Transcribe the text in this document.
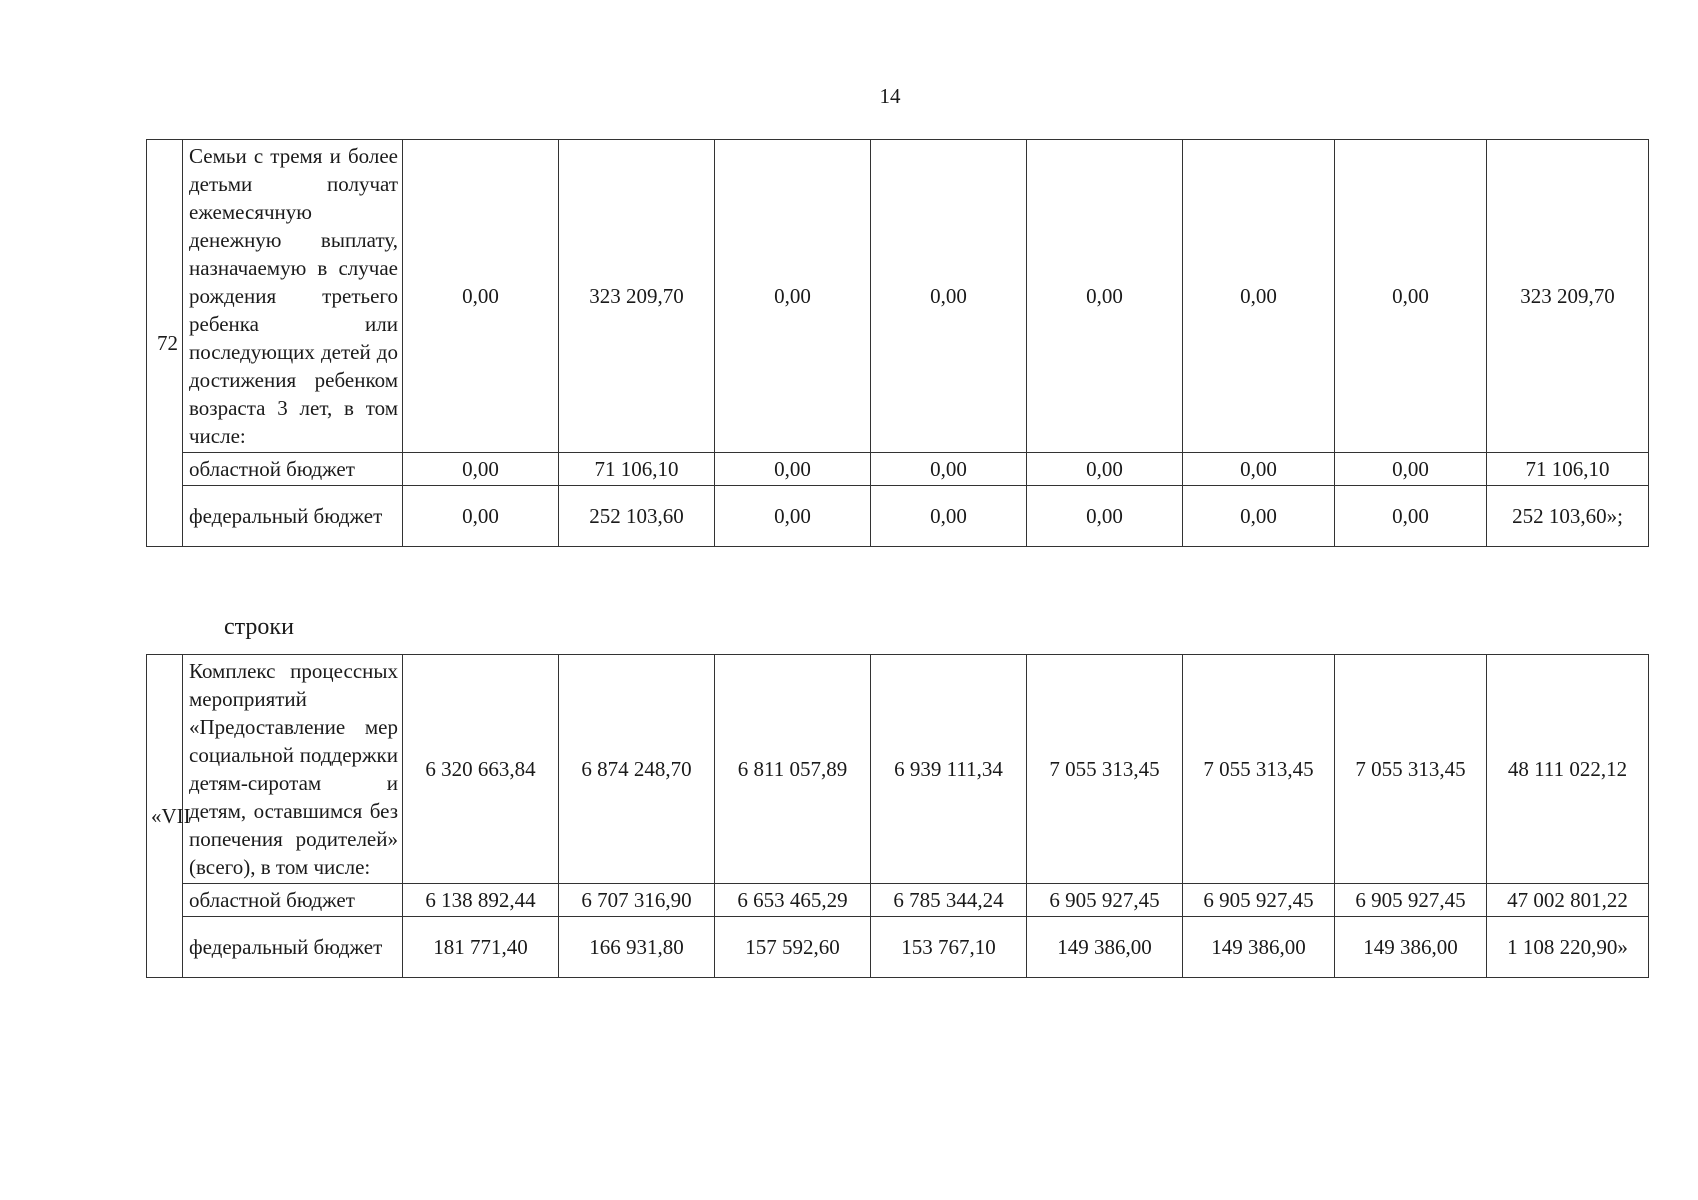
14
72	Семьи с тремя и более детьми получат ежемесячную денежную выплату, назначаемую в случае рождения третьего ребенка или последующих детей до достижения ребенком возраста 3 лет, в том числе:	0,00	323 209,70	0,00	0,00	0,00	0,00	0,00	323 209,70
	областной бюджет	0,00	71 106,10	0,00	0,00	0,00	0,00	0,00	71 106,10
	федеральный бюджет	0,00	252 103,60	0,00	0,00	0,00	0,00	0,00	252 103,60»;
строки
«VII	Комплекс процессных мероприятий «Предоставление мер социальной поддержки детям-сиротам и детям, оставшимся без попечения родителей» (всего), в том числе:	6 320 663,84	6 874 248,70	6 811 057,89	6 939 111,34	7 055 313,45	7 055 313,45	7 055 313,45	48 111 022,12
	областной бюджет	6 138 892,44	6 707 316,90	6 653 465,29	6 785 344,24	6 905 927,45	6 905 927,45	6 905 927,45	47 002 801,22
	федеральный бюджет	181 771,40	166 931,80	157 592,60	153 767,10	149 386,00	149 386,00	149 386,00	1 108 220,90»
